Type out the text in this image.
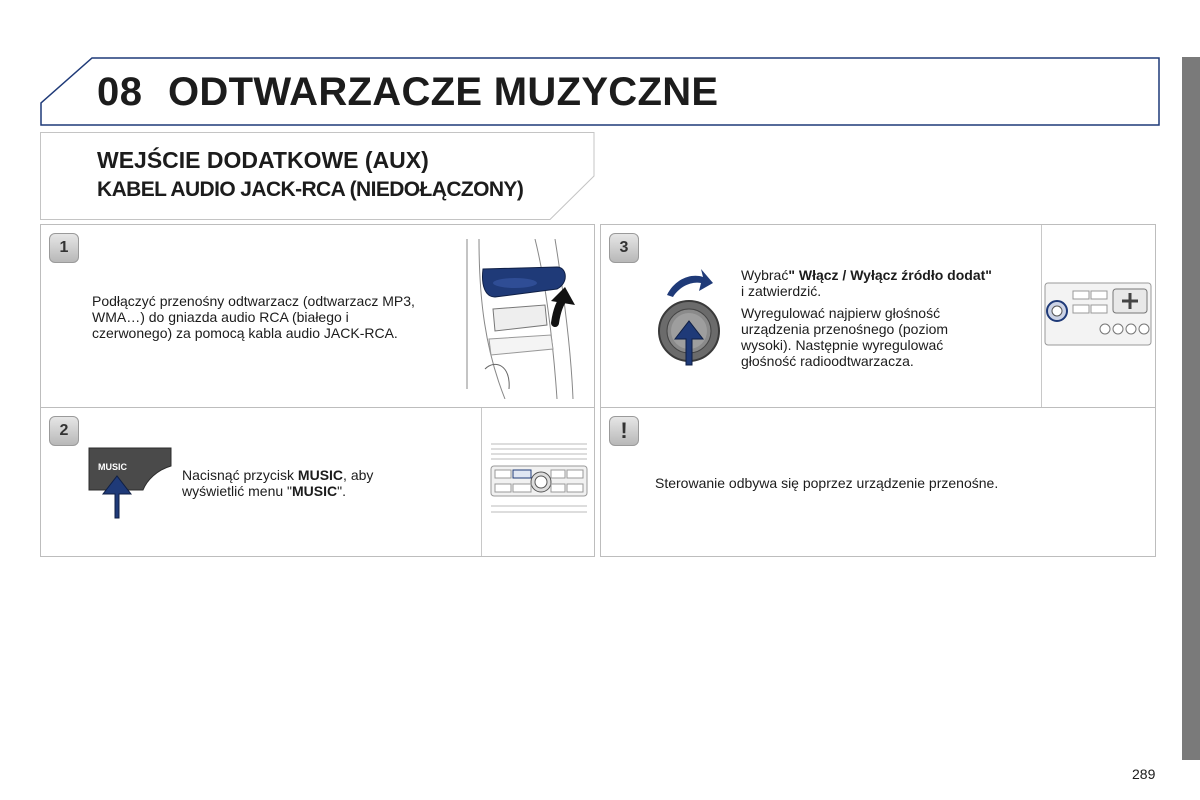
08 ODTWARZACZE MUZYCZNE
WEJŚCIE DODATKOWE (AUX)
KABEL AUDIO JACK-RCA (NIEDOŁĄCZONY)
1
Podłączyć przenośny odtwarzacz (odtwarzacz MP3, WMA…) do gniazda audio RCA (białego i czerwonego) za pomocą kabla audio JACK-RCA.
2
MUSIC	Nacisnąć przycisk MUSIC, aby wyświetlić menu "MUSIC".
3
Wybrać" Włącz / Wyłącz źródło dodat"
i zatwierdzić.
Wyregulować najpierw głośność urządzenia przenośnego (poziom wysoki). Następnie wyregulować głośność radioodtwarzacza.
!
Sterowanie odbywa się poprzez urządzenie przenośne.
289
